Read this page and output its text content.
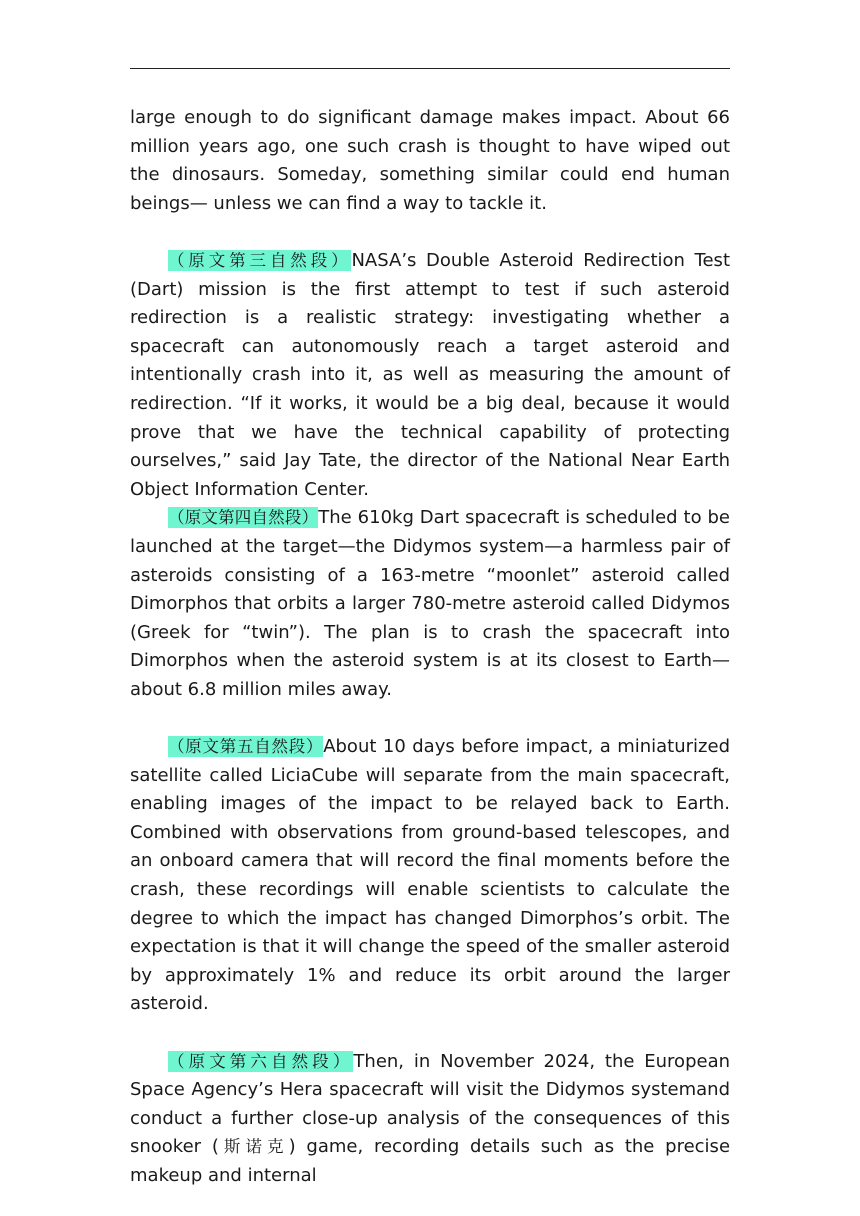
large enough to do significant damage makes impact. About 66 million years ago, one such crash is thought to have wiped out the dinosaurs. Someday, something similar could end human beings— unless we can find a way to tackle it.

（原文第三自然段）NASA’s Double Asteroid Redirection Test (Dart) mission is the first attempt to test if such asteroid redirection is a realistic strategy: investigating whether a spacecraft can autonomously reach a target asteroid and intentionally crash into it, as well as measuring the amount of redirection. “If it works, it would be a big deal, because it would prove that we have the technical capability of protecting ourselves,” said Jay Tate, the director of the National Near Earth Object Information Center.

（原文第四自然段）The 610kg Dart spacecraft is scheduled to be launched at the target—the Didymos system—a harmless pair of asteroids consisting of a 163-metre “moonlet” asteroid called Dimorphos that orbits a larger 780-metre asteroid called Didymos (Greek for “twin”). The plan is to crash the spacecraft into Dimorphos when the asteroid system is at its closest to Earth—about 6.8 million miles away.

（原文第五自然段）About 10 days before impact, a miniaturized satellite called LiciaCube will separate from the main spacecraft, enabling images of the impact to be relayed back to Earth. Combined with observations from ground-based telescopes, and an onboard camera that will record the final moments before the crash, these recordings will enable scientists to calculate the degree to which the impact has changed Dimorphos’s orbit. The expectation is that it will change the speed of the smaller asteroid by approximately 1% and reduce its orbit around the larger asteroid.

（原文第六自然段）Then, in November 2024, the European Space Agency’s Hera spacecraft will visit the Didymos systemand conduct a further close-up analysis of the consequences of this snooker (斯诺克) game, recording details such as the precise makeup and internal
